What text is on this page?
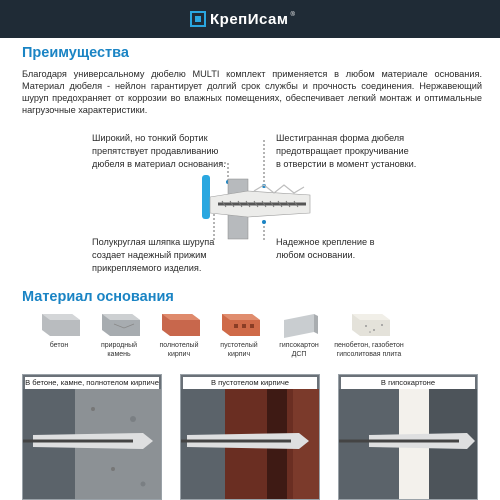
КрепИсам ®
Преимущества
Благодаря универсальному дюбелю MULTI комплект применяется в любом материале основания. Материал дюбеля - нейлон гарантирует долгий срок службы и прочность соединения. Нержавеющий шуруп предохраняет от коррозии во влажных помещениях, обеспечивает легкий монтаж и оптимальные нагрузочные характеристики.
Широкий, но тонкий бортик
препятствует продавливанию
дюбеля в материал основания.
Шестигранная форма дюбеля
предотвращает прокручивание
в отверстии в момент установки.
Полукруглая шляпка шурупа
создает надежный прижим
прикрепляемого изделия.
Надежное крепление в
любом основании.
Материал основания
бетон	природный
камень
полнотелый
кирпич
пустотелый
кирпич
гипсокартон
ДСП
пенобетон, газобетон
гипсолитовая плита
В бетоне, камне, полнотелом кирпиче	В пустотелом кирпиче	В гипсокартоне
